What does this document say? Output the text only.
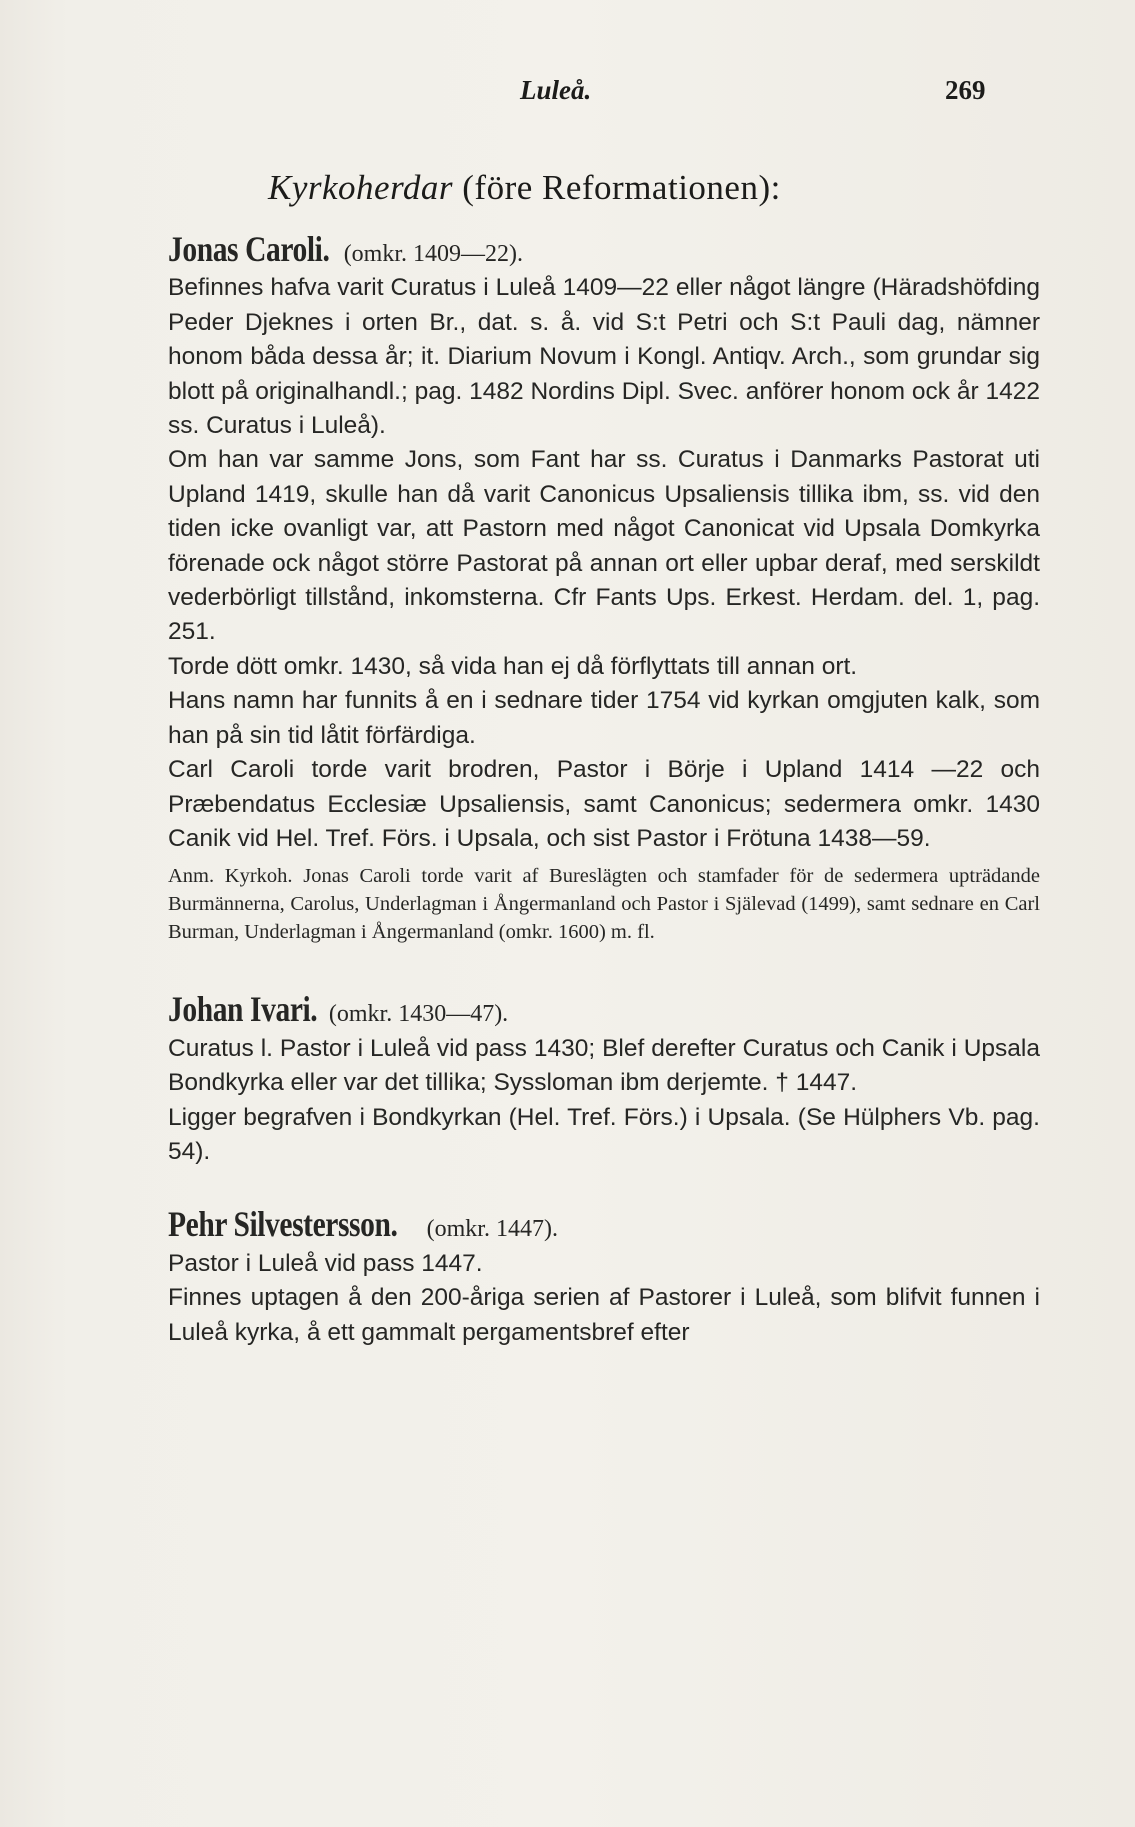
Luleå.	269
Kyrkoherdar (före Reformationen):

Jonas Caroli. (omkr. 1409—22).

Befinnes hafva varit Curatus i Luleå 1409—22 eller något längre (Häradshöfding Peder Djeknes i orten Br., dat. s. å. vid S:t Petri och S:t Pauli dag, nämner honom båda dessa år; it. Diarium Novum i Kongl. Antiqv. Arch., som grundar sig blott på originalhandl.; pag. 1482 Nordins Dipl. Svec. anförer honom ock år 1422 ss. Curatus i Luleå).

Om han var samme Jons, som Fant har ss. Curatus i Danmarks Pastorat uti Upland 1419, skulle han då varit Canonicus Upsaliensis tillika ibm, ss. vid den tiden icke ovanligt var, att Pastorn med något Canonicat vid Upsala Domkyrka förenade ock något större Pastorat på annan ort eller upbar deraf, med serskildt vederbörligt tillstånd, inkomsterna. Cfr Fants Ups. Erkest. Herdam. del. 1, pag. 251.

Torde dött omkr. 1430, så vida han ej då förflyttats till annan ort.

Hans namn har funnits å en i sednare tider 1754 vid kyrkan omgjuten kalk, som han på sin tid låtit förfärdiga.

Carl Caroli torde varit brodren, Pastor i Börje i Upland 1414 —22 och Præbendatus Ecclesiæ Upsaliensis, samt Canonicus; sedermera omkr. 1430 Canik vid Hel. Tref. Förs. i Upsala, och sist Pastor i Frötuna 1438—59.

Anm. Kyrkoh. Jonas Caroli torde varit af Bureslägten och stamfader för de sedermera upträdande Burmännerna, Carolus, Underlagman i Ångermanland och Pastor i Själevad (1499), samt sednare en Carl Burman, Underlagman i Ångermanland (omkr. 1600) m. fl.

Johan Ivari. (omkr. 1430—47).

Curatus l. Pastor i Luleå vid pass 1430; Blef derefter Curatus och Canik i Upsala Bondkyrka eller var det tillika; Syssloman ibm derjemte. † 1447.

Ligger begrafven i Bondkyrkan (Hel. Tref. Förs.) i Upsala. (Se Hülphers Vb. pag. 54).

Pehr Silvestersson. (omkr. 1447).

Pastor i Luleå vid pass 1447.

Finnes uptagen å den 200-åriga serien af Pastorer i Luleå, som blifvit funnen i Luleå kyrka, å ett gammalt pergamentsbref efter
